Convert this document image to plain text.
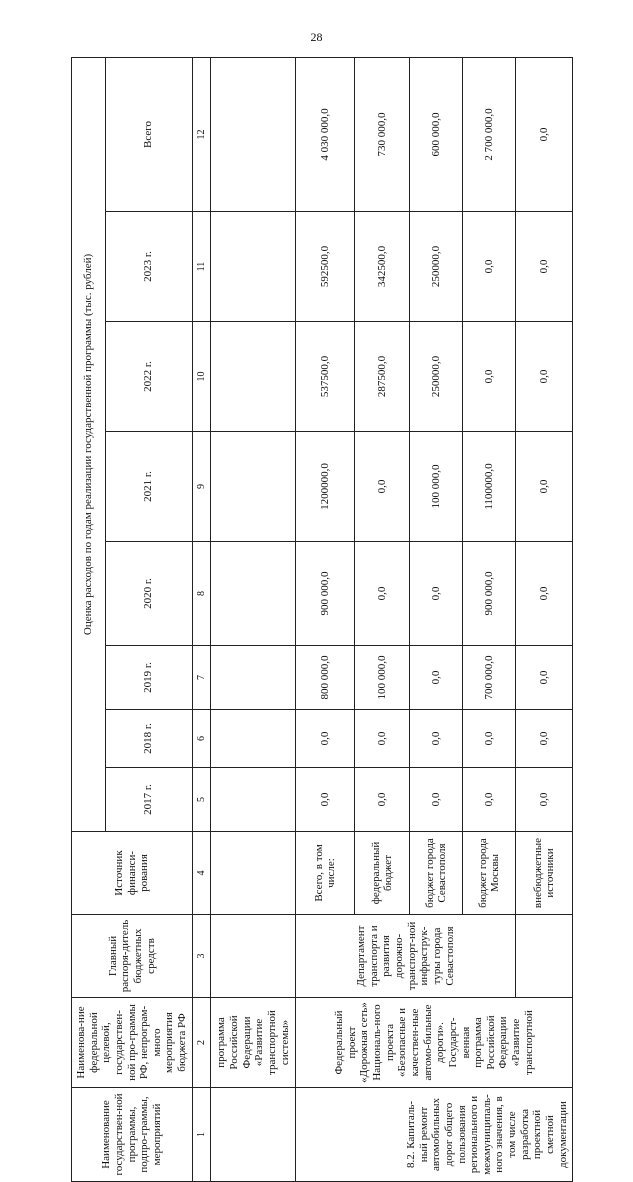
28
Наименование государствен-ной программы, подпро-граммы, мероприятий	Наименова-ние федеральной целевой, государствен-ной про-граммы РФ, непрограм-много мероприятия бюджета РФ	Главный распоря-дитель бюджетных средств	Источник финанси-рования	Оценка расходов по годам реализации государственной программы (тыс. рублей)							
				2017 г.	2018 г.	2019 г.	2020 г.	2021 г.	2022 г.	2023 г.	Всего
1	2	3	4	5	6	7	8	9	10	11	12
	программа Российской Федерации «Развитие транспортной системы»										
8.2. Капиталь-ный ремонт автомобильных дорог общего пользования регионального и межмуниципаль-ного значения, в том числе разработка проектной сметной документации	Федеральный проект «Дорожная сеть» Националь-ного проекта «Безопасные и качествен-ные автомо-бильные дороги». Государст-венная программа Российской Федерации «Развитие транспортной	Департамент транспорта и развития дорожно-транспорт-ной инфраструк-туры города Севастополя	Всего, в том числе:	0,0	0,0	800 000,0	900 000,0	1200000,0	537500,0	592500,0	4 030 000,0
			федеральный бюджет	0,0	0,0	100 000,0	0,0	0,0	287500,0	342500,0	730 000,0
			бюджет города Севастополя	0,0	0,0	0,0	0,0	100 000,0	250000,0	250000,0	600 000,0
			бюджет города Москвы	0,0	0,0	700 000,0	900 000,0	1100000,0	0,0	0,0	2 700 000,0
			внебюджетные источники	0,0	0,0	0,0	0,0	0,0	0,0	0,0	0,0
